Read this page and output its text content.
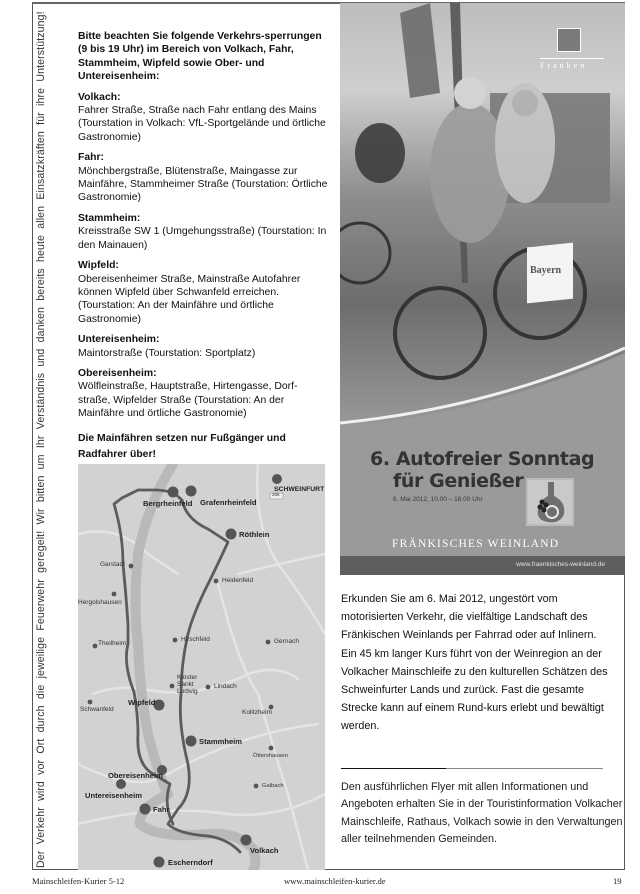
Der Verkehr wird vor Ort durch die jeweilige Feuerwehr geregelt! Wir bitten um Ihr Verständnis und danken bereits heute allen Einsatzkräften für ihre Unterstützung!	Bitte beachten Sie folgende Verkehrs-sperrungen (9 bis 19 Uhr) im Bereich von Volkach, Fahr, Stammheim, Wipfeld sowie Ober- und Untereisenheim:

Volkach:

Fahrer Straße, Straße nach Fahr entlang des Mains (Tourstation in Volkach: VfL-Sportgelände und örtliche Gastronomie)

Fahr:

Mönchbergstraße, Blütenstraße, Maingasse zur Mainfähre, Stammheimer Straße (Tourstation: Örtliche Gastronomie)

Stammheim:

Kreisstraße SW 1 (Umgehungsstraße) (Tourstation: In den Mainauen)

Wipfeld:

Obereisenheimer Straße, Mainstraße Autofahrer können Wipfeld über Schwanfeld erreichen. (Tourstation: An der Mainfähre und örtliche Gastronomie)

Untereisenheim:

Maintorstraße (Tourstation: Sportplatz)

Obereisenheim:

Wölfleinstraße, Hauptstraße, Hirtengasse, Dorf-straße, Wipfelder Straße (Tourstation: An der Mainfähre und örtliche Gastronomie)

Die Mainfähren setzen nur Fußgänger und Radfahrer über!

286
Bergrheinfeld Grafenrheinfeld
SCHWEINFURT
Röthlein
Garstadt
Heidenfeld
Hergolshausen
Theilheim
Hirschfeld	Gernach
Kloster Sankt Ludwig
Lindach
Schwanfeld
Wipfeld
Kolitzheim
Stammheim
Öttershausen
Obereisenheim
Untereisenheim
Gaibach
Fahr
Volkach
Escherndorf
Franken
Bayern
6. Autofreier Sonntag
für Genießer
6. Mai 2012, 10.00 – 18.00 Uhr
FRÄNKISCHES WEINLAND
www.fraenkisches-weinland.de

Erkunden Sie am 6. Mai 2012, ungestört vom motorisierten Verkehr, die vielfältige Landschaft des Fränkischen Weinlands per Fahrrad oder auf Inlinern.

Ein 45 km langer Kurs führt von der Weinregion an der Volkacher Mainschleife zu den kulturellen Schätzen des Schweinfurter Lands und zurück. Fast die gesamte Strecke kann auf einem Rund-kurs erlebt und bewältigt werden.

Den ausführlichen Flyer mit allen Informationen und Angeboten erhalten Sie in der Touristinformation Volkacher Mainschleife, Rathaus, Volkach sowie in den Verwaltungen aller teilnehmenden Gemeinden.

Mainschleifen-Kurier 5-12	www.mainschleifen-kurier.de	19
